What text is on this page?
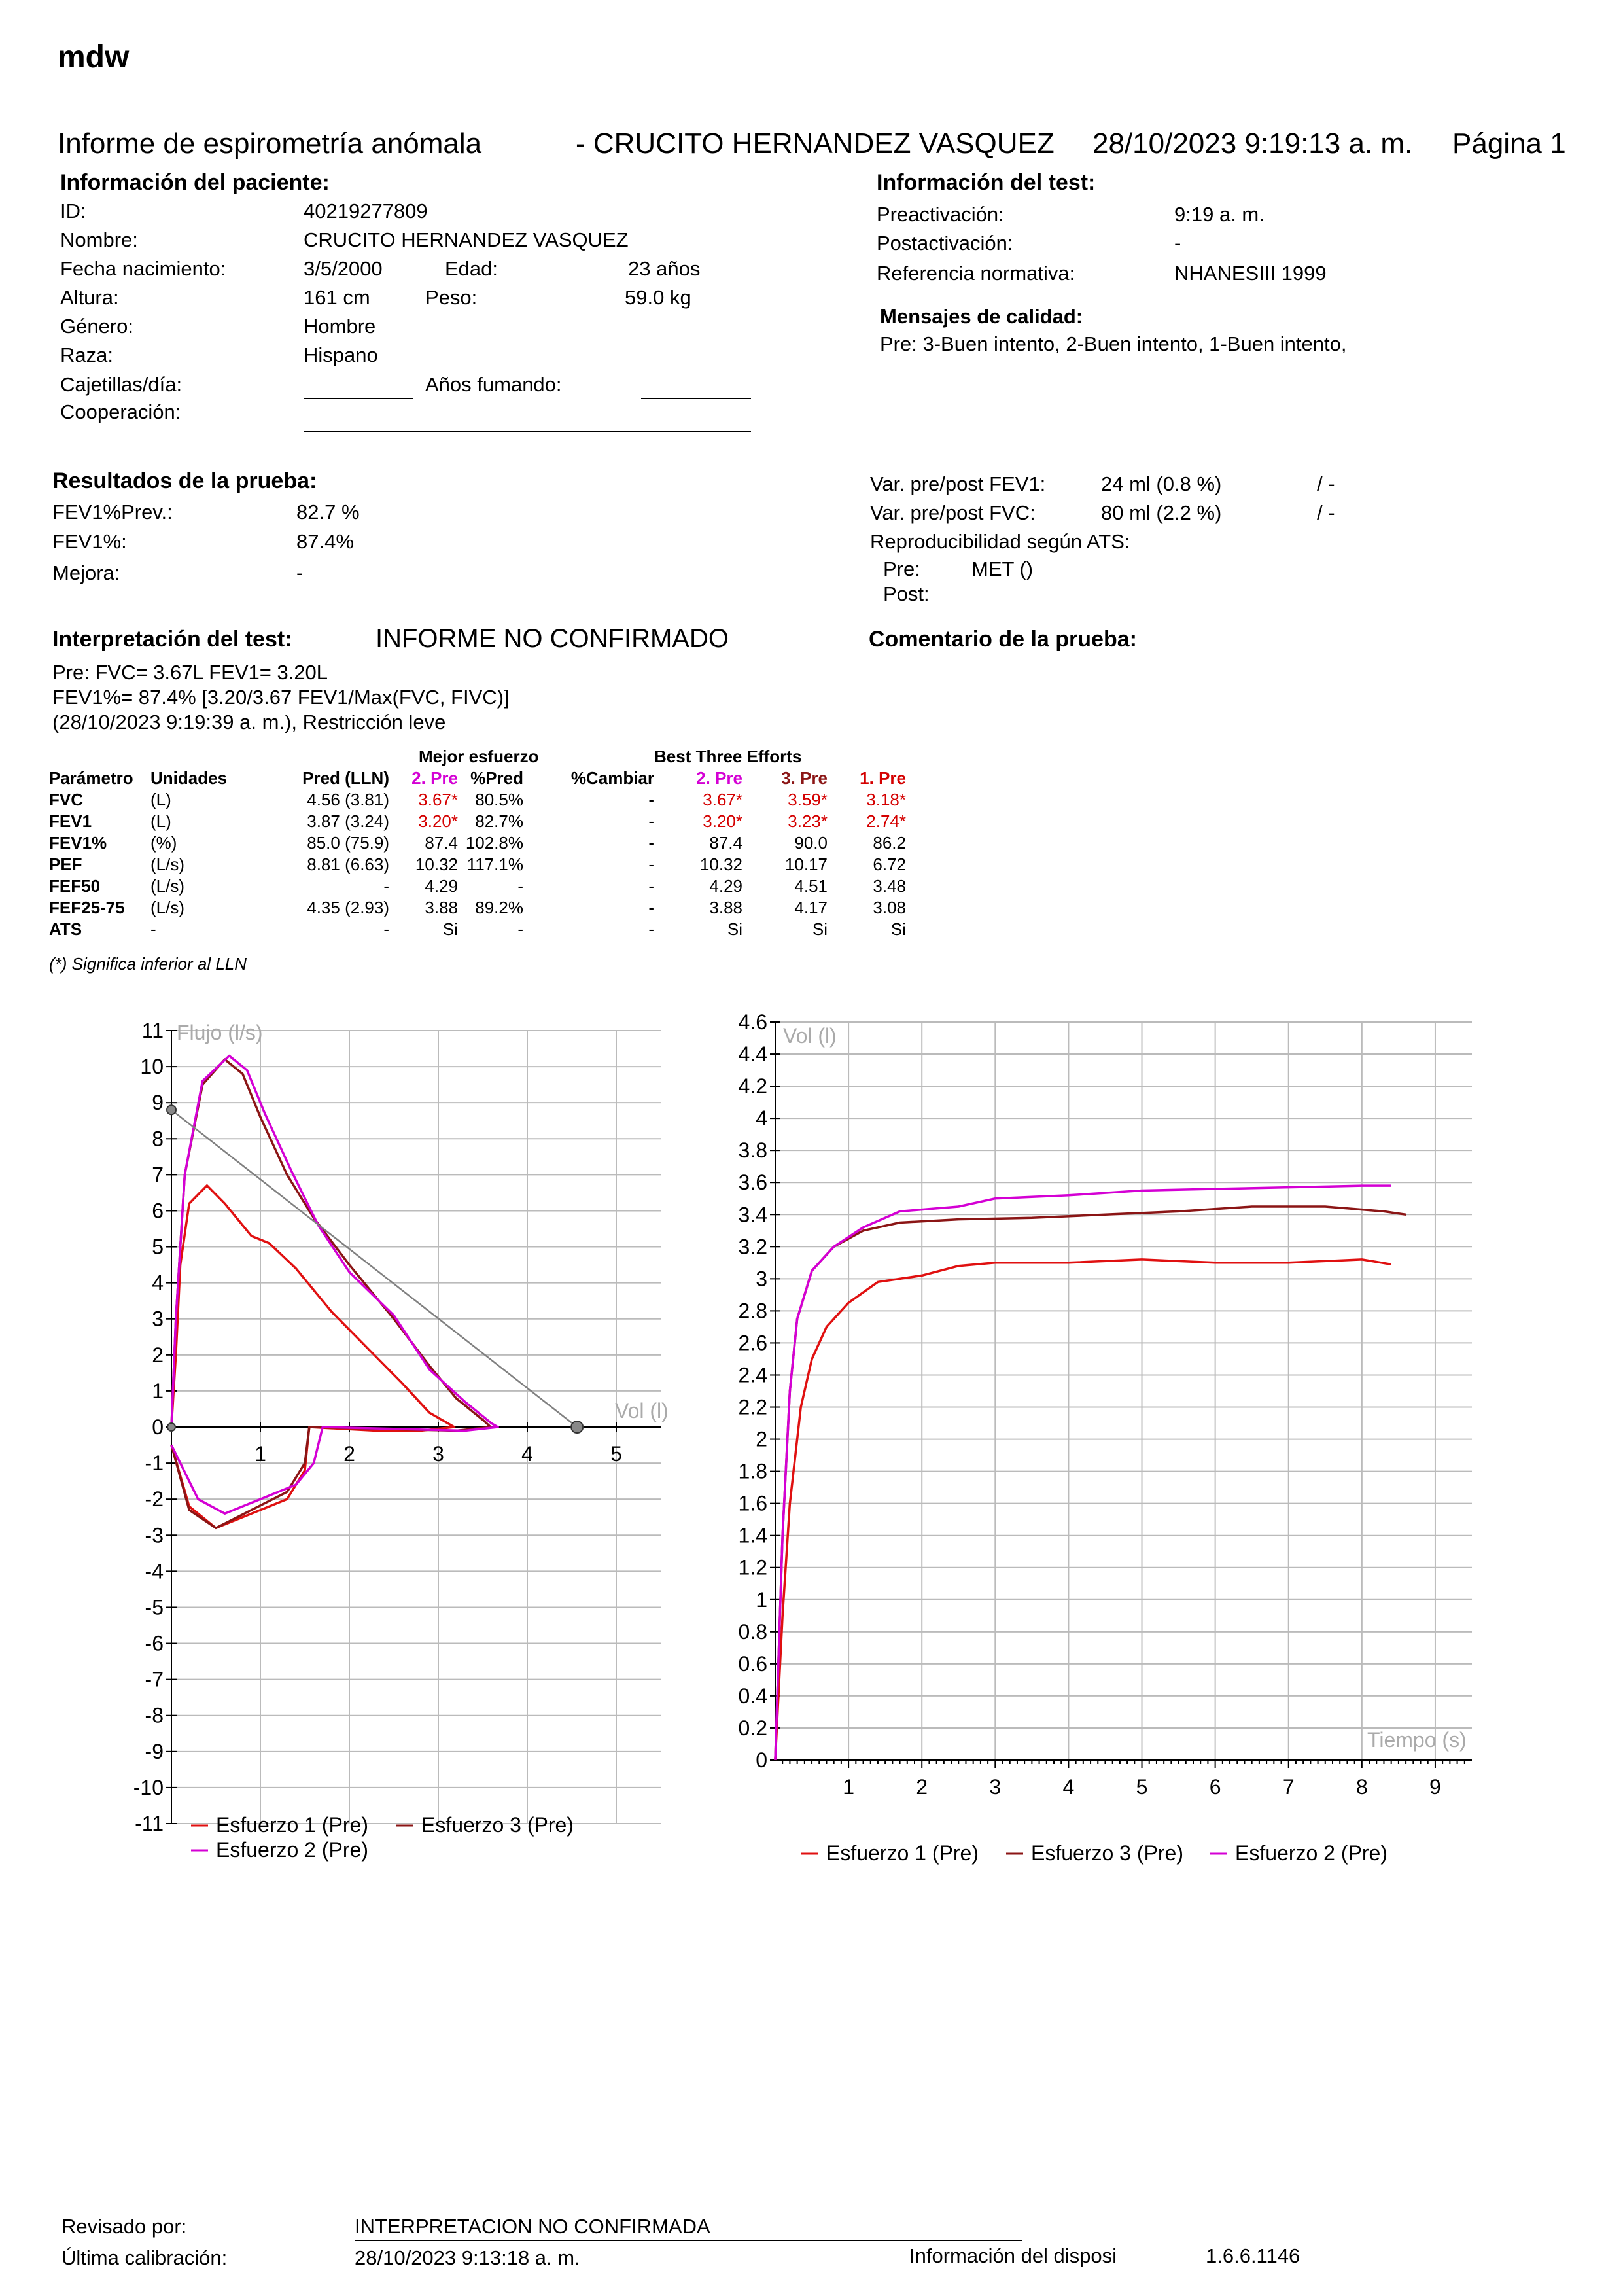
mdw
Informe de espirometría anómala	- CRUCITO HERNANDEZ VASQUEZ	28/10/2023 9:19:13 a. m. Página 1
Información del paciente:
ID:	40219277809
Nombre:	CRUCITO HERNANDEZ VASQUEZ
Fecha nacimiento:	3/5/2000	Edad:	23 años
Altura:	161 cm	Peso:	59.0 kg
Género:	Hombre
Raza:	Hispano
Cajetillas/día:	Años fumando:
Cooperación:
Información del test:
Preactivación:	9:19 a. m.
Postactivación:	-
Referencia normativa:	NHANESIII 1999
Mensajes de calidad:
Pre: 3-Buen intento, 2-Buen intento, 1-Buen intento,
Resultados de la prueba:
FEV1%Prev.:	82.7 %
FEV1%:	87.4%
Mejora:	-
Var. pre/post FEV1:	24 ml (0.8 %)	/ -
Var. pre/post FVC:	80 ml (2.2 %)	/ -
Reproducibilidad según ATS:
Pre:	MET ()
Post:
Interpretación del test:	INFORME NO CONFIRMADO	Comentario de la prueba:
Pre: FVC= 3.67L FEV1= 3.20L
FEV1%= 87.4% [3.20/3.67 FEV1/Max(FVC, FIVC)]
(28/10/2023 9:19:39 a. m.), Restricción leve
			Mejor esfuerzo			Best Three Efforts		
Parámetro	Unidades	Pred (LLN)	2. Pre	%Pred	%Cambiar	2. Pre	3. Pre	1. Pre
FVC	(L)	4.56 (3.81)	3.67*	80.5%	-	3.67*	3.59*	3.18*
FEV1	(L)	3.87 (3.24)	3.20*	82.7%	-	3.20*	3.23*	2.74*
FEV1%	(%)	85.0 (75.9)	87.4	102.8%	-	87.4	90.0	86.2
PEF	(L/s)	8.81 (6.63)	10.32	117.1%	-	10.32	10.17	6.72
FEF50	(L/s)	-	4.29	-	-	4.29	4.51	3.48
FEF25-75	(L/s)	4.35 (2.93)	3.88	89.2%	-	3.88	4.17	3.08
ATS	-	-	Si	-	-	Si	Si	Si
(*) Significa inferior al LLN
11
10
9
8
7
6
5
4
3
2
1
0
-1
-2
-3
-4
-5
-6
-7
-8
-9
-10
-11
1	2	3	4	5
Flujo (l/s)
Vol (l)
Esfuerzo 1 (Pre)	Esfuerzo 3 (Pre)
Esfuerzo 2 (Pre)
4.6
4.4
4.2
4
3.8
3.6
3.4
3.2
3
2.8
2.6
2.4
2.2
2
1.8
1.6
1.4
1.2
1
0.8
0.6
0.4
0.2
0
1	2	3	4	5	6	7	8	9
Vol (l)
Tiempo (s)
Esfuerzo 1 (Pre)	Esfuerzo 3 (Pre) Esfuerzo 2 (Pre)
Revisado por:	INTERPRETACION NO CONFIRMADA
Última calibración:	28/10/2023 9:13:18 a. m.	Información del disposi	1.6.6.1146
